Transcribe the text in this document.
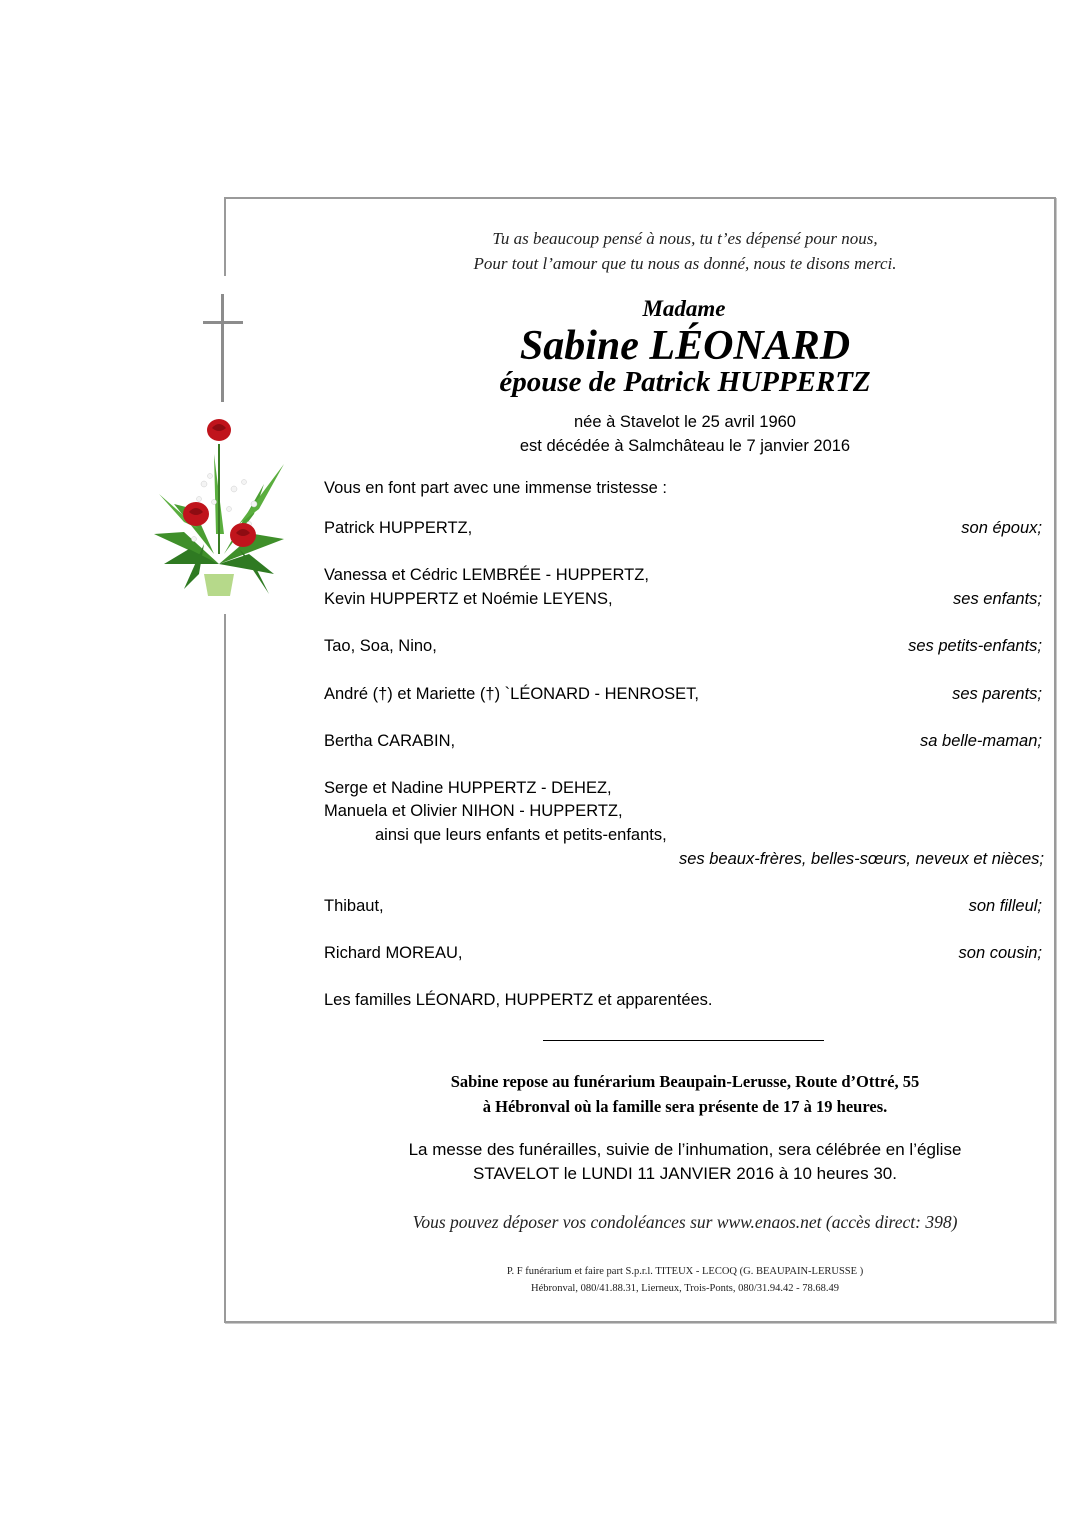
Tu as beaucoup pensé à nous, tu t’es dépensé pour nous,
Pour tout l’amour que tu nous as donné, nous te disons merci.
Madame
Sabine LÉONARD
épouse de Patrick HUPPERTZ
née à Stavelot le 25 avril 1960
est décédée à Salmchâteau le 7 janvier 2016
Vous en font part avec une immense tristesse :
Patrick HUPPERTZ,	son époux;
Vanessa et Cédric LEMBRÉE - HUPPERTZ,
Kevin HUPPERTZ et Noémie LEYENS,	ses enfants;
Tao, Soa, Nino,	ses petits-enfants;
André (†) et Mariette (†) `LÉONARD - HENROSET,	ses parents;
Bertha CARABIN,	sa belle-maman;
Serge et Nadine HUPPERTZ - DEHEZ,
Manuela et Olivier NIHON - HUPPERTZ,
ainsi que leurs enfants et petits-enfants,
ses beaux-frères, belles-sœurs, neveux et nièces;
Thibaut,	son filleul;
Richard MOREAU,	son cousin;
Les familles LÉONARD, HUPPERTZ et apparentées.
Sabine repose au funérarium Beaupain-Lerusse, Route d’Ottré, 55
à Hébronval où la famille sera présente de 17 à 19 heures.
La messe des funérailles, suivie de l’inhumation, sera célébrée en l’église
STAVELOT le LUNDI 11 JANVIER 2016 à 10 heures 30.
Vous pouvez déposer vos condoléances sur www.enaos.net (accès direct: 398)
P. F funérarium et faire part S.p.r.l. TITEUX - LECOQ (G. BEAUPAIN-LERUSSE )
Hébronval, 080/41.88.31, Lierneux, Trois-Ponts, 080/31.94.42 - 78.68.49
